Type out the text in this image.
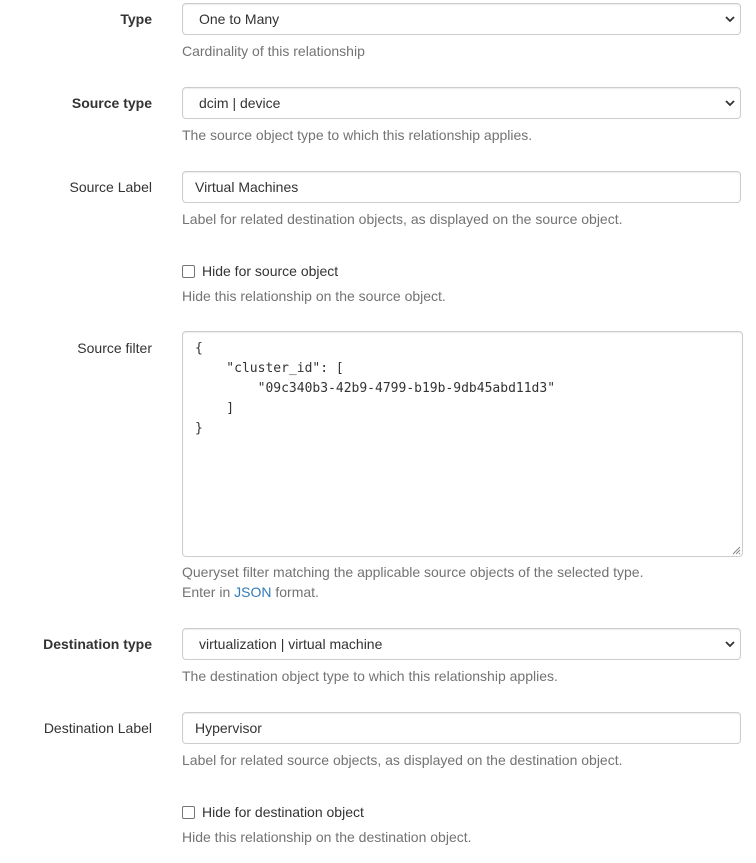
Type	One to Many
Cardinality of this relationship
Source type	dcim | device
The source object type to which this relationship applies.
Source Label	Virtual Machines
Label for related destination objects, as displayed on the source object.
Hide for source object
Hide this relationship on the source object.
Source filter	{
"cluster_id": [
"09c340b3-42b9-4799-b19b-9db45abd11d3"
]
}
Queryset filter matching the applicable source objects of the selected type.
Enter in JSON format.
Destination type	virtualization | virtual machine
The destination object type to which this relationship applies.
Destination Label	Hypervisor
Label for related source objects, as displayed on the destination object.
Hide for destination object
Hide this relationship on the destination object.
